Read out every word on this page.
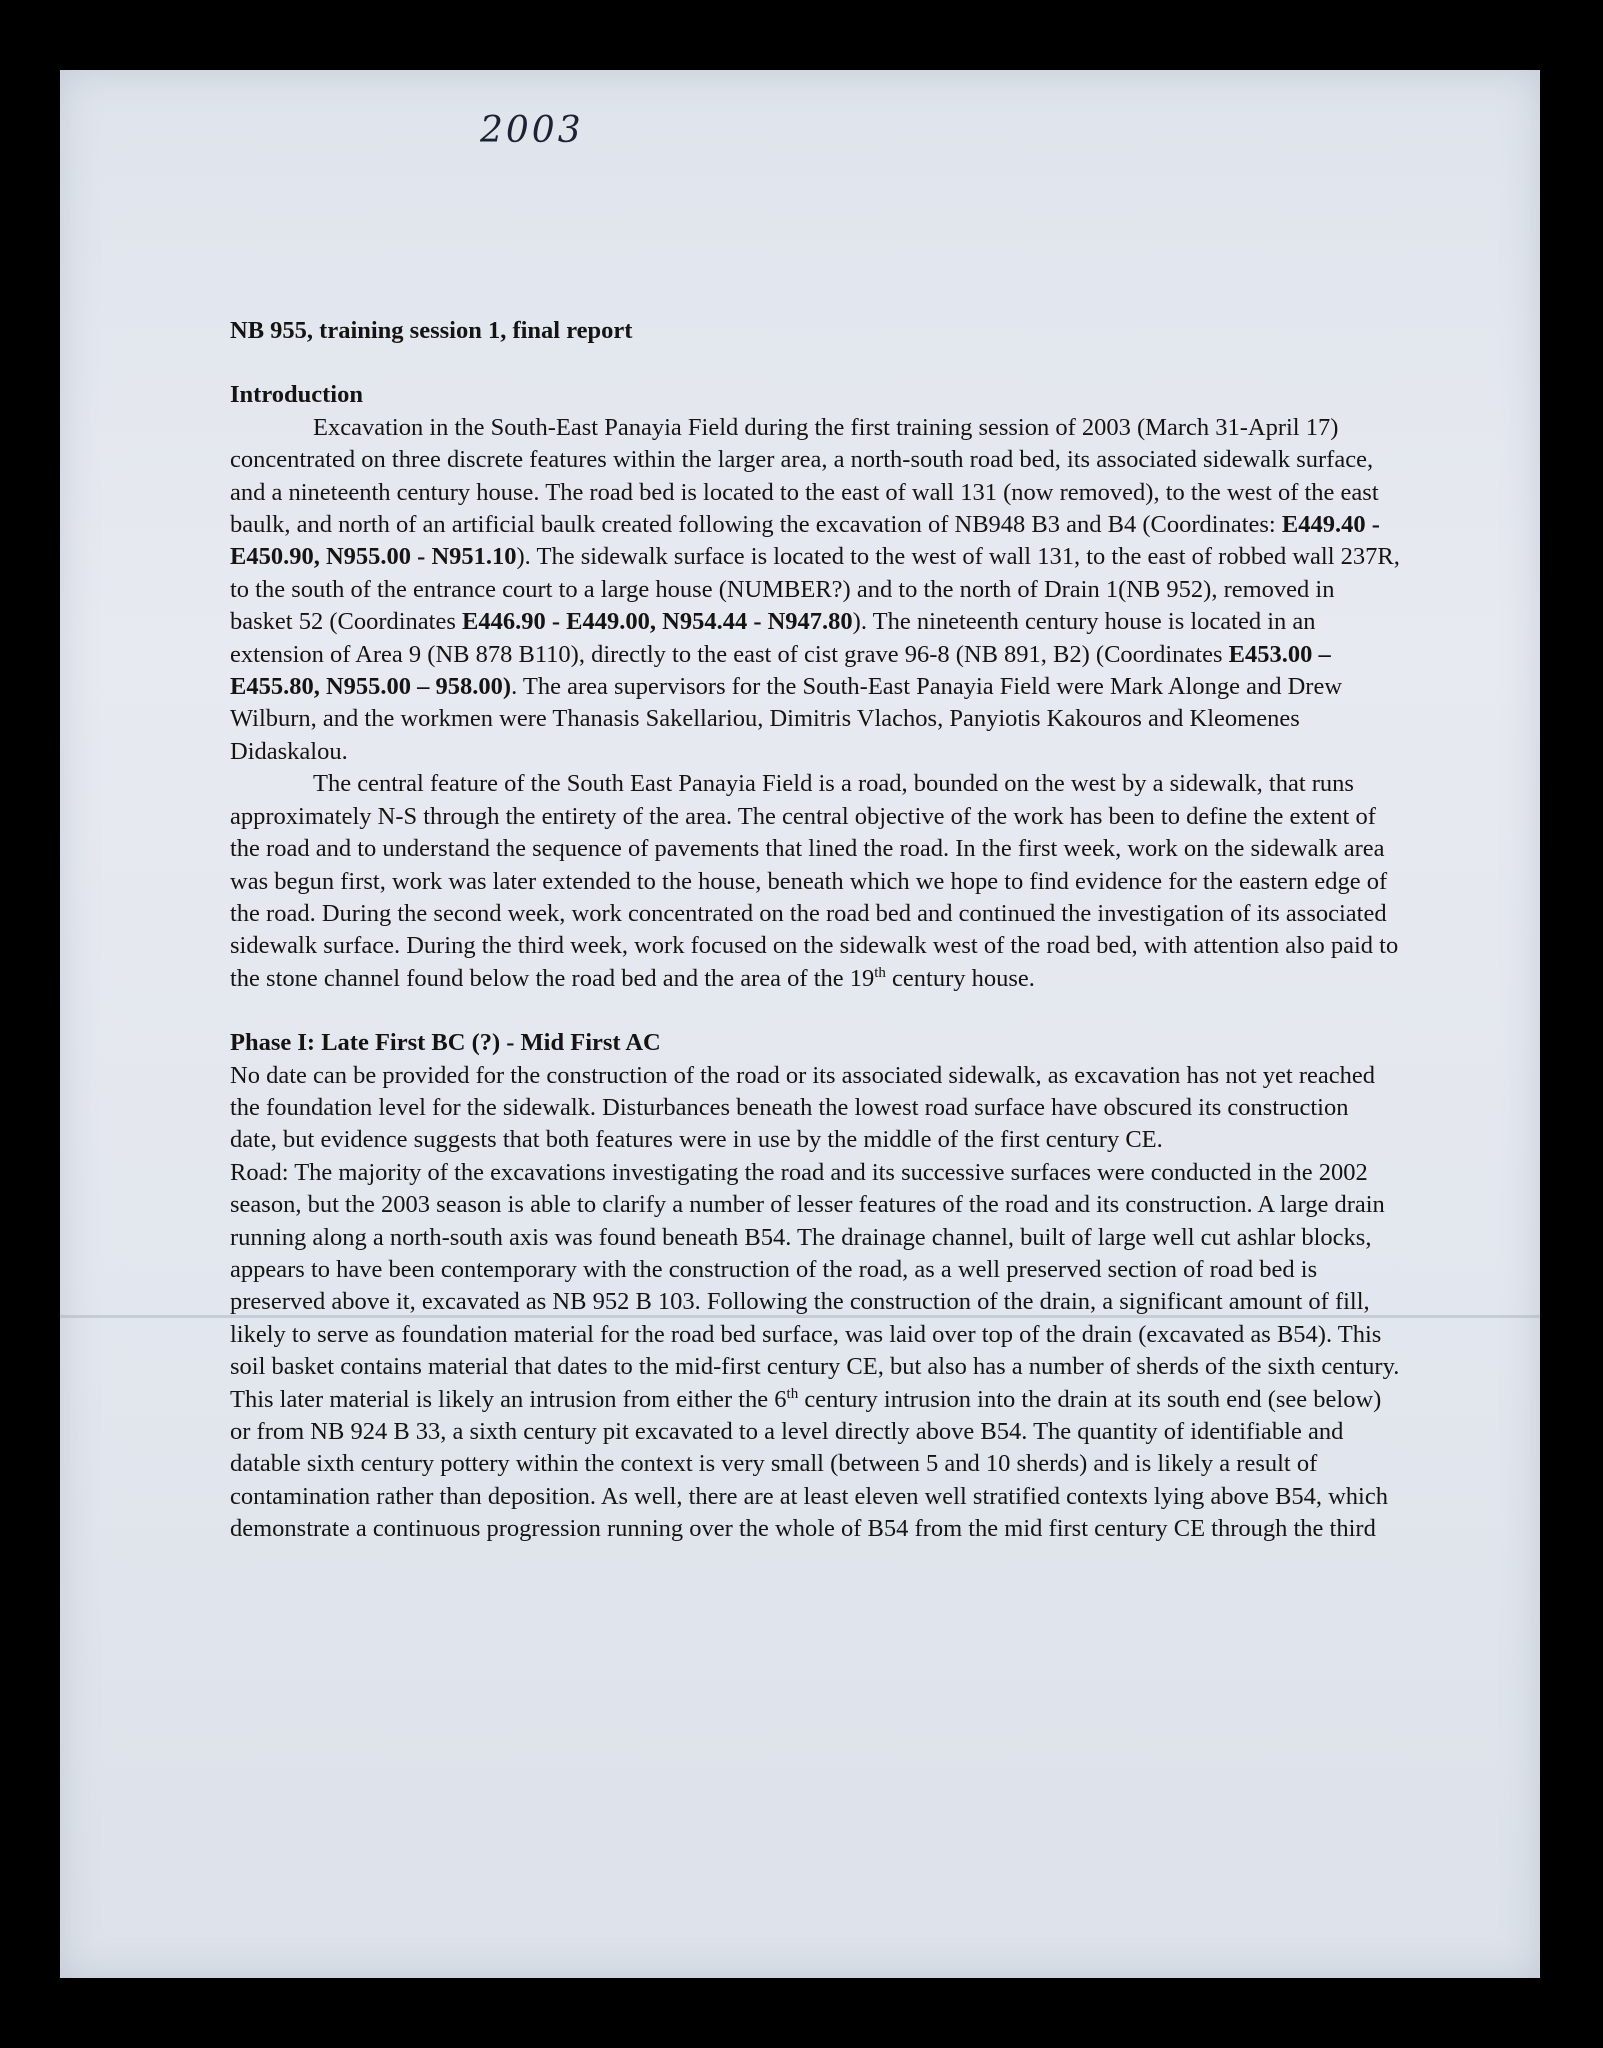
2003

NB 955, training session 1, final report

Introduction

Excavation in the South-East Panayia Field during the first training session of 2003 (March 31-April 17) concentrated on three discrete features within the larger area, a north-south road bed, its associated sidewalk surface, and a nineteenth century house. The road bed is located to the east of wall 131 (now removed), to the west of the east baulk, and north of an artificial baulk created following the excavation of NB948 B3 and B4 (Coordinates: E449.40 - E450.90, N955.00 - N951.10). The sidewalk surface is located to the west of wall 131, to the east of robbed wall 237R, to the south of the entrance court to a large house (NUMBER?) and to the north of Drain 1(NB 952), removed in basket 52 (Coordinates E446.90 - E449.00, N954.44 - N947.80). The nineteenth century house is located in an extension of Area 9 (NB 878 B110), directly to the east of cist grave 96-8 (NB 891, B2) (Coordinates E453.00 – E455.80, N955.00 – 958.00). The area supervisors for the South-East Panayia Field were Mark Alonge and Drew Wilburn, and the workmen were Thanasis Sakellariou, Dimitris Vlachos, Panyiotis Kakouros and Kleomenes Didaskalou.

The central feature of the South East Panayia Field is a road, bounded on the west by a sidewalk, that runs approximately N-S through the entirety of the area. The central objective of the work has been to define the extent of the road and to understand the sequence of pavements that lined the road. In the first week, work on the sidewalk area was begun first, work was later extended to the house, beneath which we hope to find evidence for the eastern edge of the road. During the second week, work concentrated on the road bed and continued the investigation of its associated sidewalk surface. During the third week, work focused on the sidewalk west of the road bed, with attention also paid to the stone channel found below the road bed and the area of the 19th century house.

Phase I: Late First BC (?) - Mid First AC

No date can be provided for the construction of the road or its associated sidewalk, as excavation has not yet reached the foundation level for the sidewalk. Disturbances beneath the lowest road surface have obscured its construction date, but evidence suggests that both features were in use by the middle of the first century CE.

Road: The majority of the excavations investigating the road and its successive surfaces were conducted in the 2002 season, but the 2003 season is able to clarify a number of lesser features of the road and its construction. A large drain running along a north-south axis was found beneath B54. The drainage channel, built of large well cut ashlar blocks, appears to have been contemporary with the construction of the road, as a well preserved section of road bed is preserved above it, excavated as NB 952 B 103. Following the construction of the drain, a significant amount of fill, likely to serve as foundation material for the road bed surface, was laid over top of the drain (excavated as B54). This soil basket contains material that dates to the mid-first century CE, but also has a number of sherds of the sixth century. This later material is likely an intrusion from either the 6th century intrusion into the drain at its south end (see below) or from NB 924 B 33, a sixth century pit excavated to a level directly above B54. The quantity of identifiable and datable sixth century pottery within the context is very small (between 5 and 10 sherds) and is likely a result of contamination rather than deposition. As well, there are at least eleven well stratified contexts lying above B54, which demonstrate a continuous progression running over the whole of B54 from the mid first century CE through the third
